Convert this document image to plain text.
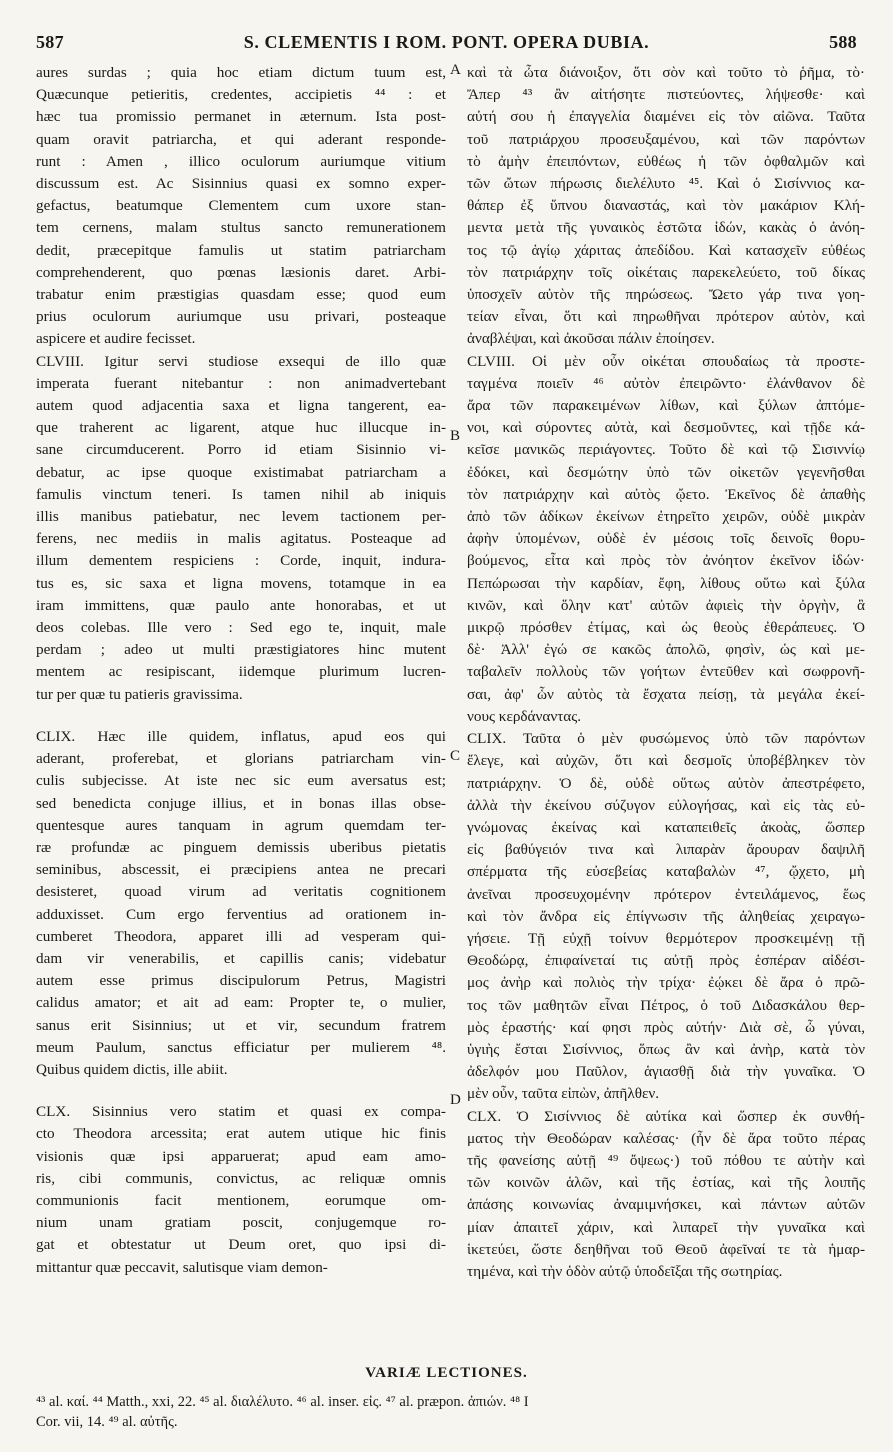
587	S. CLEMENTIS I ROM. PONT. OPERA DUBIA.	588
aures surdas ; quia hoc etiam dictum tuum est,
Quæcunque petieritis, credentes, accipietis ⁴⁴ : et
hæc tua promissio permanet in æternum. Ista post-
quam oravit patriarcha, et qui aderant responde-
runt : Amen , illico oculorum auriumque vitium
discussum est. Ac Sisinnius quasi ex somno exper-
gefactus, beatumque Clementem cum uxore stan-
tem cernens, malam stultus sancto remunerationem
dedit, præcepitque famulis ut statim patriarcham
comprehenderent, quo pœnas læsionis daret. Arbi-
trabatur enim præstigias quasdam esse; quod eum
prius oculorum auriumque usu privari, posteaque
aspicere et audire fecisset.
CLVIII. Igitur servi studiose exsequi de illo quæ
imperata fuerant nitebantur : non animadvertebant
autem quod adjacentia saxa et ligna tangerent, ea-
que traherent ac ligarent, atque huc illucque in-
sane circumducerent. Porro id etiam Sisinnio vi-
debatur, ac ipse quoque existimabat patriarcham a
famulis vinctum teneri. Is tamen nihil ab iniquis
illis manibus patiebatur, nec levem tactionem per-
ferens, nec mediis in malis agitatus. Posteaque ad
illum dementem respiciens : Corde, inquit, indura-
tus es, sic saxa et ligna movens, totamque in ea
iram immittens, quæ paulo ante honorabas, et ut
deos colebas. Ille vero : Sed ego te, inquit, male
perdam ; adeo ut multi præstigiatores hinc mutent
mentem ac resipiscant, iidemque plurimum lucren-
tur per quæ tu patieris gravissima.
CLIX. Hæc ille quidem, inflatus, apud eos qui
aderant, proferebat, et glorians patriarcham vin-
culis subjecisse. At iste nec sic eum aversatus est;
sed benedicta conjuge illius, et in bonas illas obse-
quentesque aures tanquam in agrum quemdam ter-
ræ profundæ ac pinguem demissis uberibus pietatis
seminibus, abscessit, ei præcipiens antea ne precari
desisteret, quoad virum ad veritatis cognitionem
adduxisset. Cum ergo ferventius ad orationem in-
cumberet Theodora, apparet illi ad vesperam qui-
dam vir venerabilis, et capillis canis; videbatur
autem esse primus discipulorum Petrus, Magistri
calidus amator; et ait ad eam: Propter te, o mulier,
sanus erit Sisinnius; ut et vir, secundum fratrem
meum Paulum, sanctus efficiatur per mulierem ⁴⁸.
Quibus quidem dictis, ille abiit.
CLX. Sisinnius vero statim et quasi ex compa-
cto Theodora arcessita; erat autem utique hic finis
visionis quæ ipsi apparuerat; apud eam amo-
ris, cibi communis, convictus, ac reliquæ omnis
communionis facit mentionem, eorumque om-
nium unam gratiam poscit, conjugemque ro-
gat et obtestatur ut Deum oret, quo ipsi di-
mittantur quæ peccavit, salutisque viam demon-
καὶ τὰ ὦτα διάνοιξον, ὅτι σὸν καὶ τοῦτο τὸ ῥῆμα, τὸ·
Ἄπερ ⁴³ ἂν αἰτήσητε πιστεύοντες, λήψεσθε· καὶ
αὐτή σου ἡ ἐπαγγελία διαμένει εἰς τὸν αἰῶνα. Ταῦτα
τοῦ πατριάρχου προσευξαμένου, καὶ τῶν παρόντων
τὸ ἀμὴν ἐπειπόντων, εὐθέως ἡ τῶν ὀφθαλμῶν καὶ
τῶν ὤτων πήρωσις διελέλυτο ⁴⁵. Καὶ ὁ Σισίννιος κα-
θάπερ ἐξ ὕπνου διαναστάς, καὶ τὸν μακάριον Κλή-
μεντα μετὰ τῆς γυναικὸς ἑστῶτα ἰδών, κακὰς ὁ ἀνόη-
τος τῷ ἁγίῳ χάριτας ἀπεδίδου. Καὶ κατασχεῖν εὐθέως
τὸν πατριάρχην τοῖς οἰκέταις παρεκελεύετο, τοῦ δίκας
ὑποσχεῖν αὐτὸν τῆς πηρώσεως. Ὤετο γάρ τινα γοη-
τείαν εἶναι, ὅτι καὶ πηρωθῆναι πρότερον αὐτὸν, καὶ
ἀναβλέψαι, καὶ ἀκοῦσαι πάλιν ἐποίησεν.
CLVIII. Οἱ μὲν οὖν οἰκέται σπουδαίως τὰ προστε-
ταγμένα ποιεῖν ⁴⁶ αὐτὸν ἐπειρῶντο· ἐλάνθανον δὲ
ἄρα τῶν παρακειμένων λίθων, καὶ ξύλων ἀπτόμε-
νοι, καὶ σύροντες αὐτὰ, καὶ δεσμοῦντες, καὶ τῇδε κά-
κεῖσε μανικῶς περιάγοντες. Τοῦτο δὲ καὶ τῷ Σισιννίῳ
ἐδόκει, καὶ δεσμώτην ὑπὸ τῶν οἰκετῶν γεγενῆσθαι
τὸν πατριάρχην καὶ αὐτὸς ᾤετο. Ἐκεῖνος δὲ ἀπαθὴς
ἀπὸ τῶν ἀδίκων ἐκείνων ἐτηρεῖτο χειρῶν, οὐδὲ μικρὰν
ἀφὴν ὑπομένων, οὐδὲ ἐν μέσοις τοῖς δεινοῖς θορυ-
βούμενος, εἶτα καὶ πρὸς τὸν ἀνόητον ἐκεῖνον ἰδών·
Πεπώρωσαι τὴν καρδίαν, ἔφη, λίθους οὕτω καὶ ξύλα
κινῶν, καὶ ὅλην κατ' αὐτῶν ἀφιεὶς τὴν ὀργὴν, ἃ
μικρῷ πρόσθεν ἐτίμας, καὶ ὡς θεοὺς ἐθεράπευες. Ὁ
δὲ· Ἀλλ' ἐγώ σε κακῶς ἀπολῶ, φησὶν, ὡς καὶ με-
ταβαλεῖν πολλοὺς τῶν γοήτων ἐντεῦθεν καὶ σωφρονῆ-
σαι, ἀφ' ὧν αὐτὸς τὰ ἔσχατα πείσῃ, τὰ μεγάλα ἐκεί-
νους κερδάναντας.
CLIX. Ταῦτα ὁ μὲν φυσώμενος ὑπὸ τῶν παρόντων
ἔλεγε, καὶ αὐχῶν, ὅτι καὶ δεσμοῖς ὑποβέβληκεν τὸν
πατριάρχην. Ὁ δὲ, οὐδὲ οὕτως αὐτὸν ἀπεστρέφετο,
ἀλλὰ τὴν ἐκείνου σύζυγον εὐλογήσας, καὶ εἰς τὰς εὐ-
γνώμονας ἐκείνας καὶ καταπειθεῖς ἀκοὰς, ὥσπερ
εἰς βαθύγειόν τινα καὶ λιπαρὰν ἄρουραν δαψιλῆ
σπέρματα τῆς εὐσεβείας καταβαλὼν ⁴⁷, ᾤχετο, μὴ
ἀνεῖναι προσευχομένην πρότερον ἐντειλάμενος, ἕως
καὶ τὸν ἄνδρα εἰς ἐπίγνωσιν τῆς ἀληθείας χειραγω-
γήσειε. Τῇ εὐχῇ τοίνυν θερμότερον προσκειμένῃ τῇ
Θεοδώρᾳ, ἐπιφαίνεταί τις αὐτῇ πρὸς ἑσπέραν αἰδέσι-
μος ἀνὴρ καὶ πολιὸς τὴν τρίχα· ἐῴκει δὲ ἄρα ὁ πρῶ-
τος τῶν μαθητῶν εἶναι Πέτρος, ὁ τοῦ Διδασκάλου θερ-
μὸς ἐραστής· καί φησι πρὸς αὐτήν· Διὰ σὲ, ὦ γύναι,
ὑγιὴς ἔσται Σισίννιος, ὅπως ἂν καὶ ἀνὴρ, κατὰ τὸν
ἀδελφόν μου Παῦλον, ἁγιασθῇ διὰ τὴν γυναῖκα. Ὁ
μὲν οὖν, ταῦτα εἰπὼν, ἀπῆλθεν.
CLX. Ὁ Σισίννιος δὲ αὐτίκα καὶ ὥσπερ ἐκ συνθή-
ματος τὴν Θεοδώραν καλέσας· (ἦν δὲ ἄρα τοῦτο πέρας
τῆς φανείσης αὐτῇ ⁴⁹ ὄψεως·) τοῦ πόθου τε αὐτὴν καὶ
τῶν κοινῶν ἁλῶν, καὶ τῆς ἑστίας, καὶ τῆς λοιπῆς
ἁπάσης κοινωνίας ἀναμιμνήσκει, καὶ πάντων αὐτῶν
μίαν ἀπαιτεῖ χάριν, καὶ λιπαρεῖ τὴν γυναῖκα καὶ
ἱκετεύει, ὥστε δεηθῆναι τοῦ Θεοῦ ἀφεῖναί τε τὰ ἡμαρ-
τημένα, καὶ τὴν ὁδὸν αὐτῷ ὑποδεῖξαι τῆς σωτηρίας.
A
B
C
D
VARIÆ LECTIONES.
⁴³ al. καί. ⁴⁴ Matth., xxi, 22. ⁴⁵ al. διαλέλυτο. ⁴⁶ al. inser. εἰς. ⁴⁷ al. præpon. ἀπιών. ⁴⁸ I
Cor. vii, 14. ⁴⁹ al. αὐτῆς.
